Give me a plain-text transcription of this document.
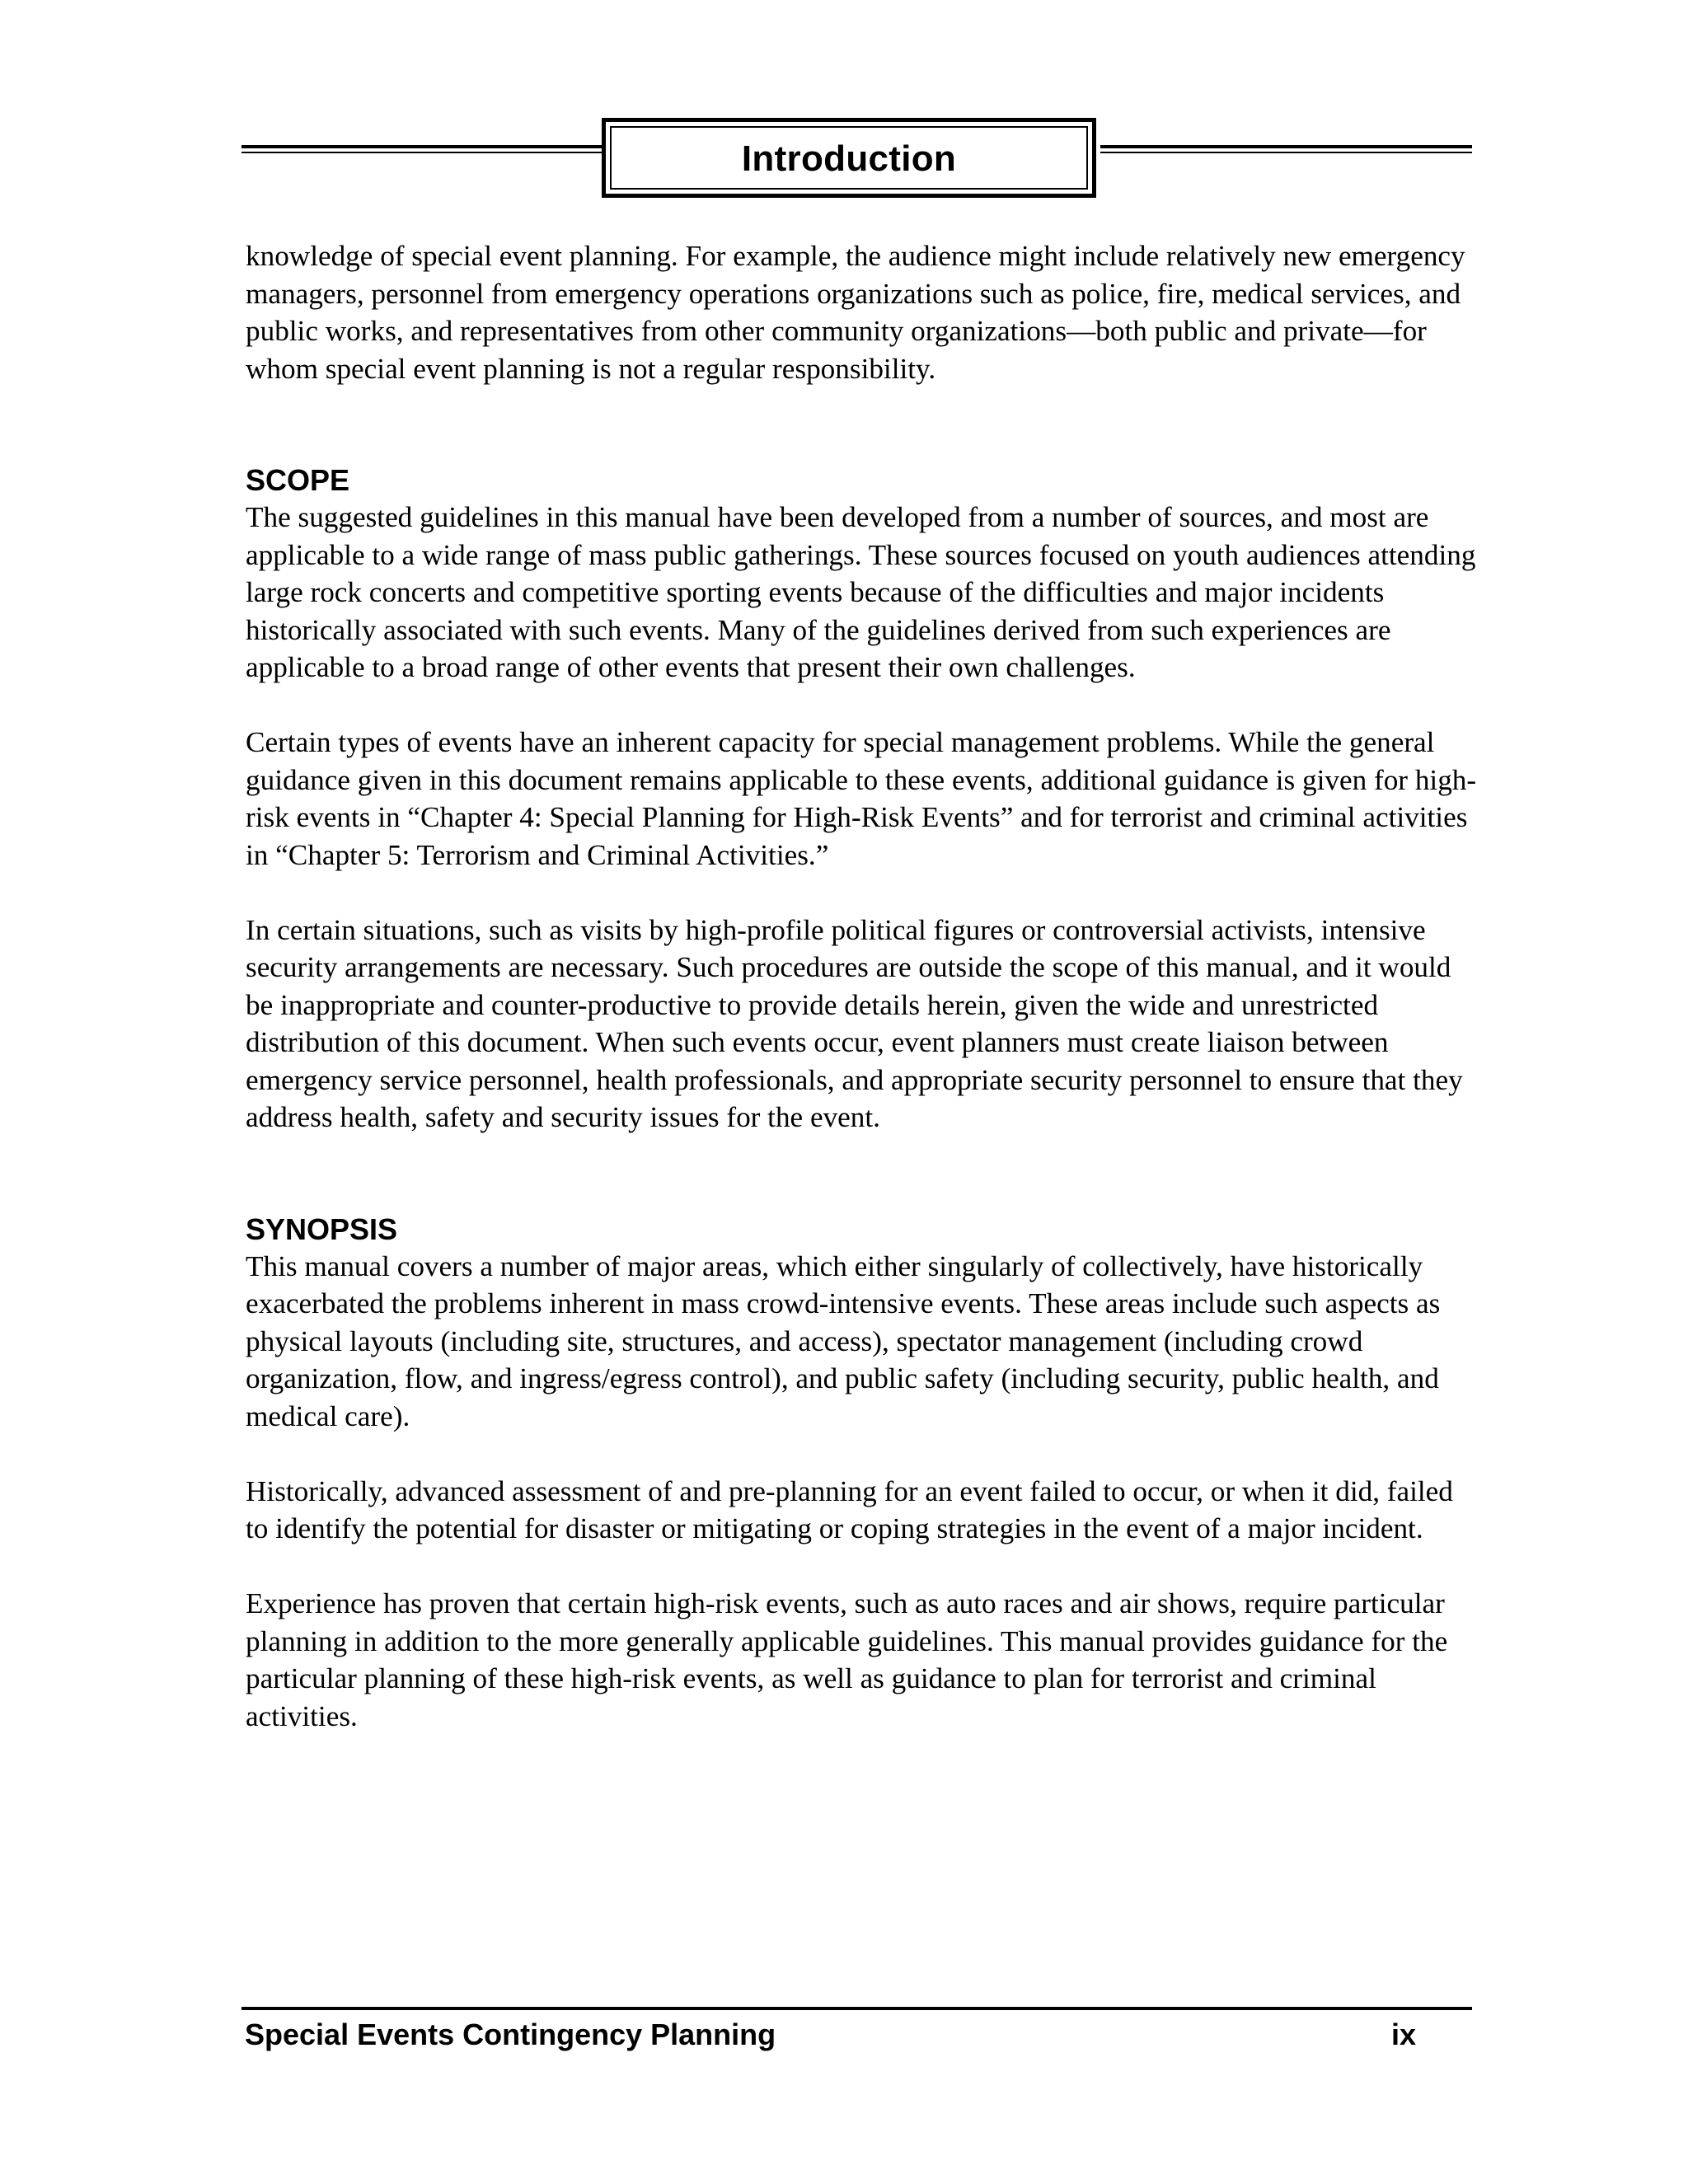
Introduction

knowledge of special event planning. For example, the audience might include relatively new emergency managers, personnel from emergency operations organizations such as police, fire, medical services, and public works, and representatives from other community organizations—both public and private—for whom special event planning is not a regular responsibility.

SCOPE

The suggested guidelines in this manual have been developed from a number of sources, and most are applicable to a wide range of mass public gatherings. These sources focused on youth audiences attending large rock concerts and competitive sporting events because of the difficulties and major incidents historically associated with such events. Many of the guidelines derived from such experiences are applicable to a broad range of other events that present their own challenges.

Certain types of events have an inherent capacity for special management problems. While the general guidance given in this document remains applicable to these events, additional guidance is given for high-risk events in “Chapter 4: Special Planning for High-Risk Events” and for terrorist and criminal activities in “Chapter 5: Terrorism and Criminal Activities.”

In certain situations, such as visits by high-profile political figures or controversial activists, intensive security arrangements are necessary. Such procedures are outside the scope of this manual, and it would be inappropriate and counter-productive to provide details herein, given the wide and unrestricted distribution of this document. When such events occur, event planners must create liaison between emergency service personnel, health professionals, and appropriate security personnel to ensure that they address health, safety and security issues for the event.

SYNOPSIS

This manual covers a number of major areas, which either singularly of collectively, have historically exacerbated the problems inherent in mass crowd-intensive events. These areas include such aspects as physical layouts (including site, structures, and access), spectator management (including crowd organization, flow, and ingress/egress control), and public safety (including security, public health, and medical care).

Historically, advanced assessment of and pre-planning for an event failed to occur, or when it did, failed to identify the potential for disaster or mitigating or coping strategies in the event of a major incident.

Experience has proven that certain high-risk events, such as auto races and air shows, require particular planning in addition to the more generally applicable guidelines. This manual provides guidance for the particular planning of these high-risk events, as well as guidance to plan for terrorist and criminal activities.

Special Events Contingency Planning	ix
